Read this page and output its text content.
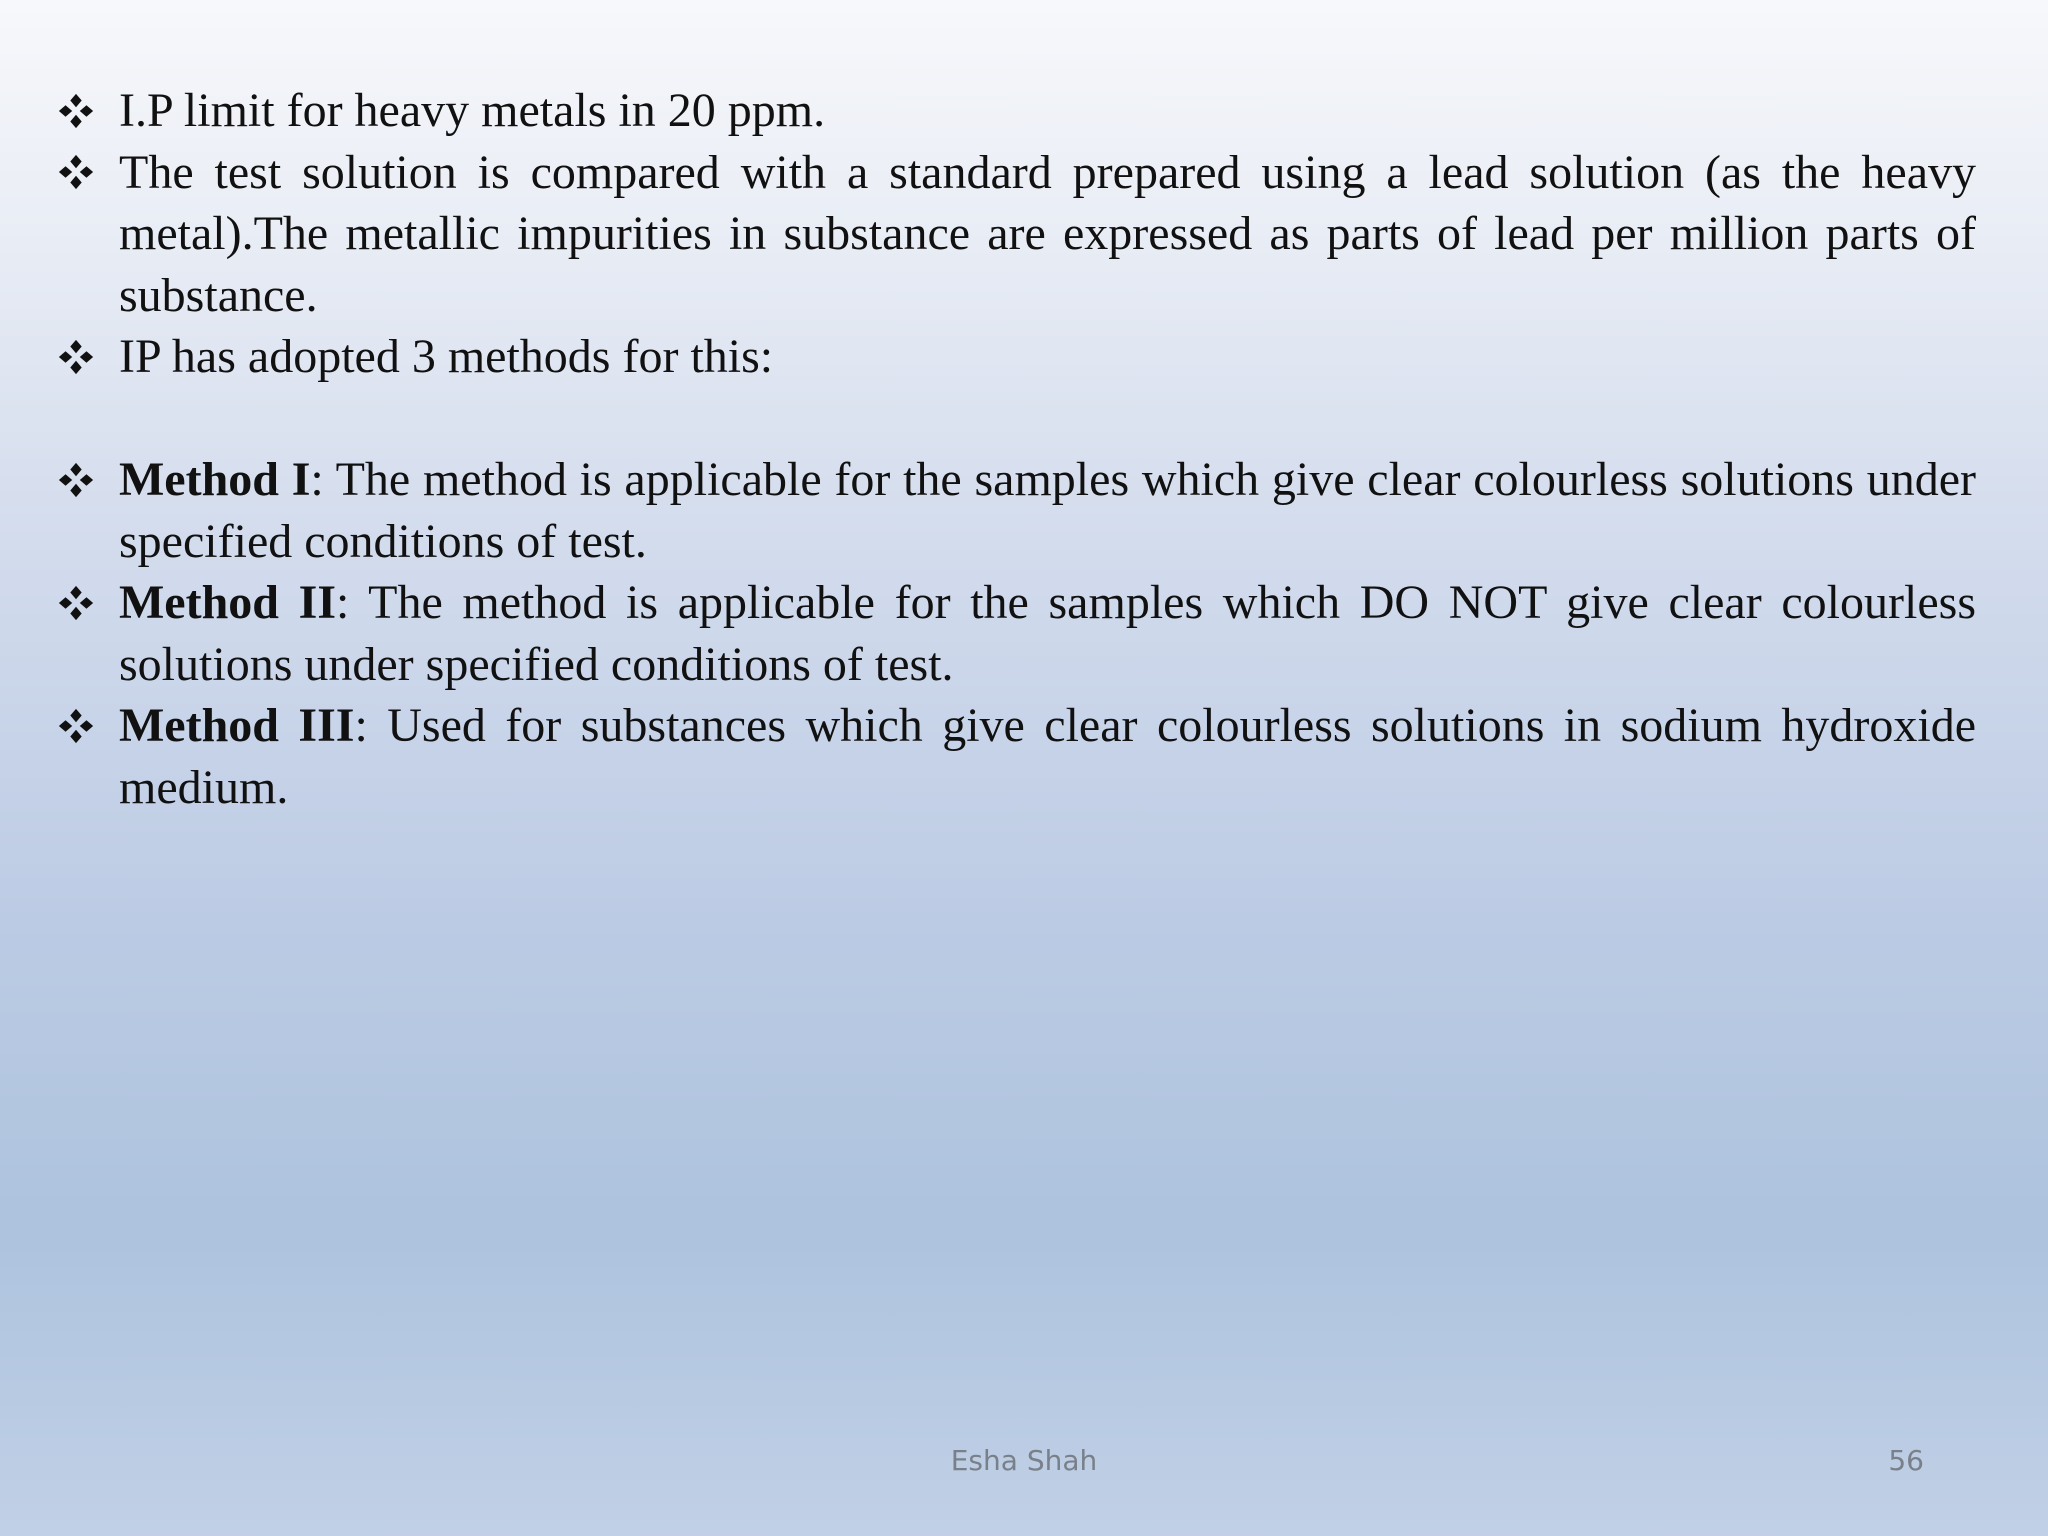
I.P limit for heavy metals in 20 ppm.
The test solution is compared with a standard prepared using a lead solution (as the heavy metal).The metallic impurities in substance are expressed as parts of lead per million parts of substance.
IP has adopted 3 methods for this:
Method I: The method is applicable for the samples which give clear colourless solutions under specified conditions of test.
Method II: The method is applicable for the samples which DO NOT give clear colourless solutions under specified conditions of test.
Method III: Used for substances which give clear colourless solutions in sodium hydroxide medium.
Esha Shah	56
